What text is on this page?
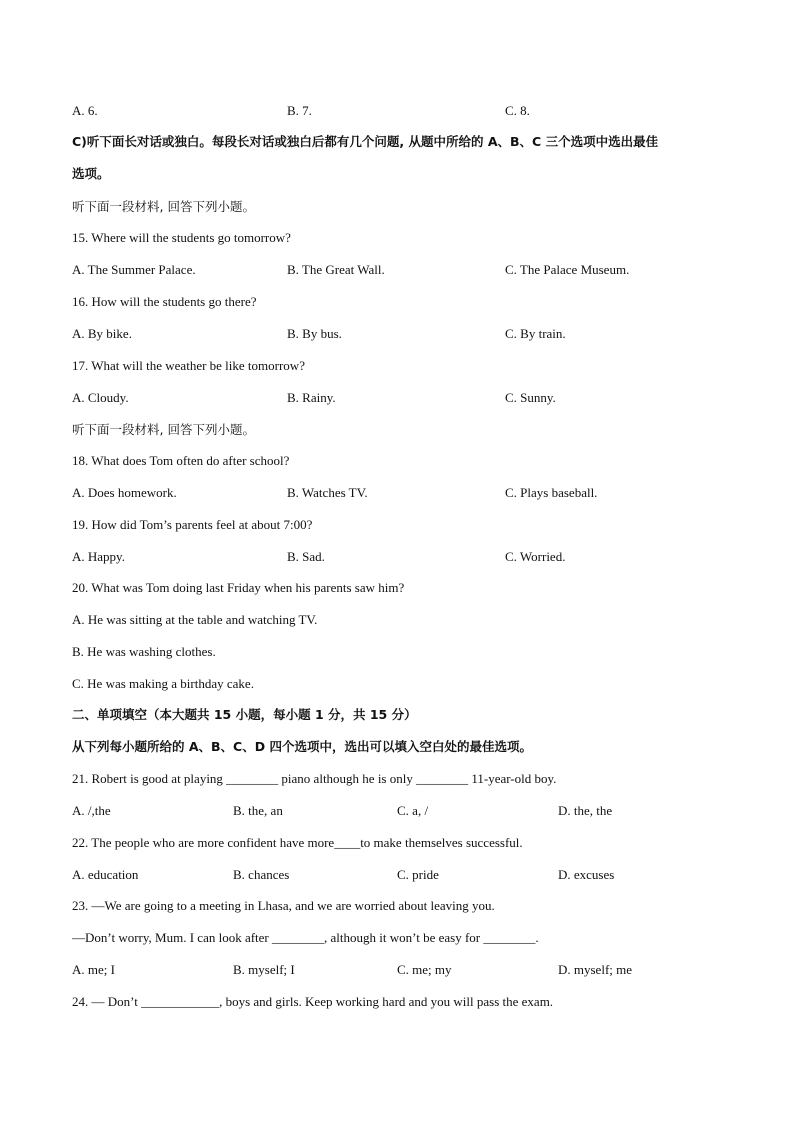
A. 6.	B. 7.	C. 8.
C)听下面长对话或独白。每段长对话或独白后都有几个问题, 从题中所给的 A、B、C 三个选项中选出最佳
选项。
听下面一段材料, 回答下列小题。
15. Where will the students go tomorrow?
A. The Summer Palace.	B. The Great Wall.	C. The Palace Museum.
16. How will the students go there?
A. By bike.	B. By bus.	C. By train.
17. What will the weather be like tomorrow?
A. Cloudy.	B. Rainy.	C. Sunny.
听下面一段材料, 回答下列小题。
18. What does Tom often do after school?
A. Does homework.	B. Watches TV.	C. Plays baseball.
19. How did Tom’s parents feel at about 7:00?
A. Happy.	B. Sad.	C. Worried.
20. What was Tom doing last Friday when his parents saw him?
A. He was sitting at the table and watching TV.
B. He was washing clothes.
C. He was making a birthday cake.
二、单项填空（本大题共 15 小题，每小题 1 分，共 15 分）
从下列每小题所给的 A、B、C、D 四个选项中，选出可以填入空白处的最佳选项。
21. Robert is good at playing ________ piano although he is only ________ 11-year-old boy.
A. /,the	B. the, an	C. a, /	D. the, the
22. The people who are more confident have more____to make themselves successful.
A. education	B. chances	C. pride	D. excuses
23. —We are going to a meeting in Lhasa, and we are worried about leaving you.
—Don’t worry, Mum. I can look after ________, although it won’t be easy for ________.
A. me; I	B. myself; I	C. me; my	D. myself; me
24. — Don’t ____________, boys and girls. Keep working hard and you will pass the exam.
